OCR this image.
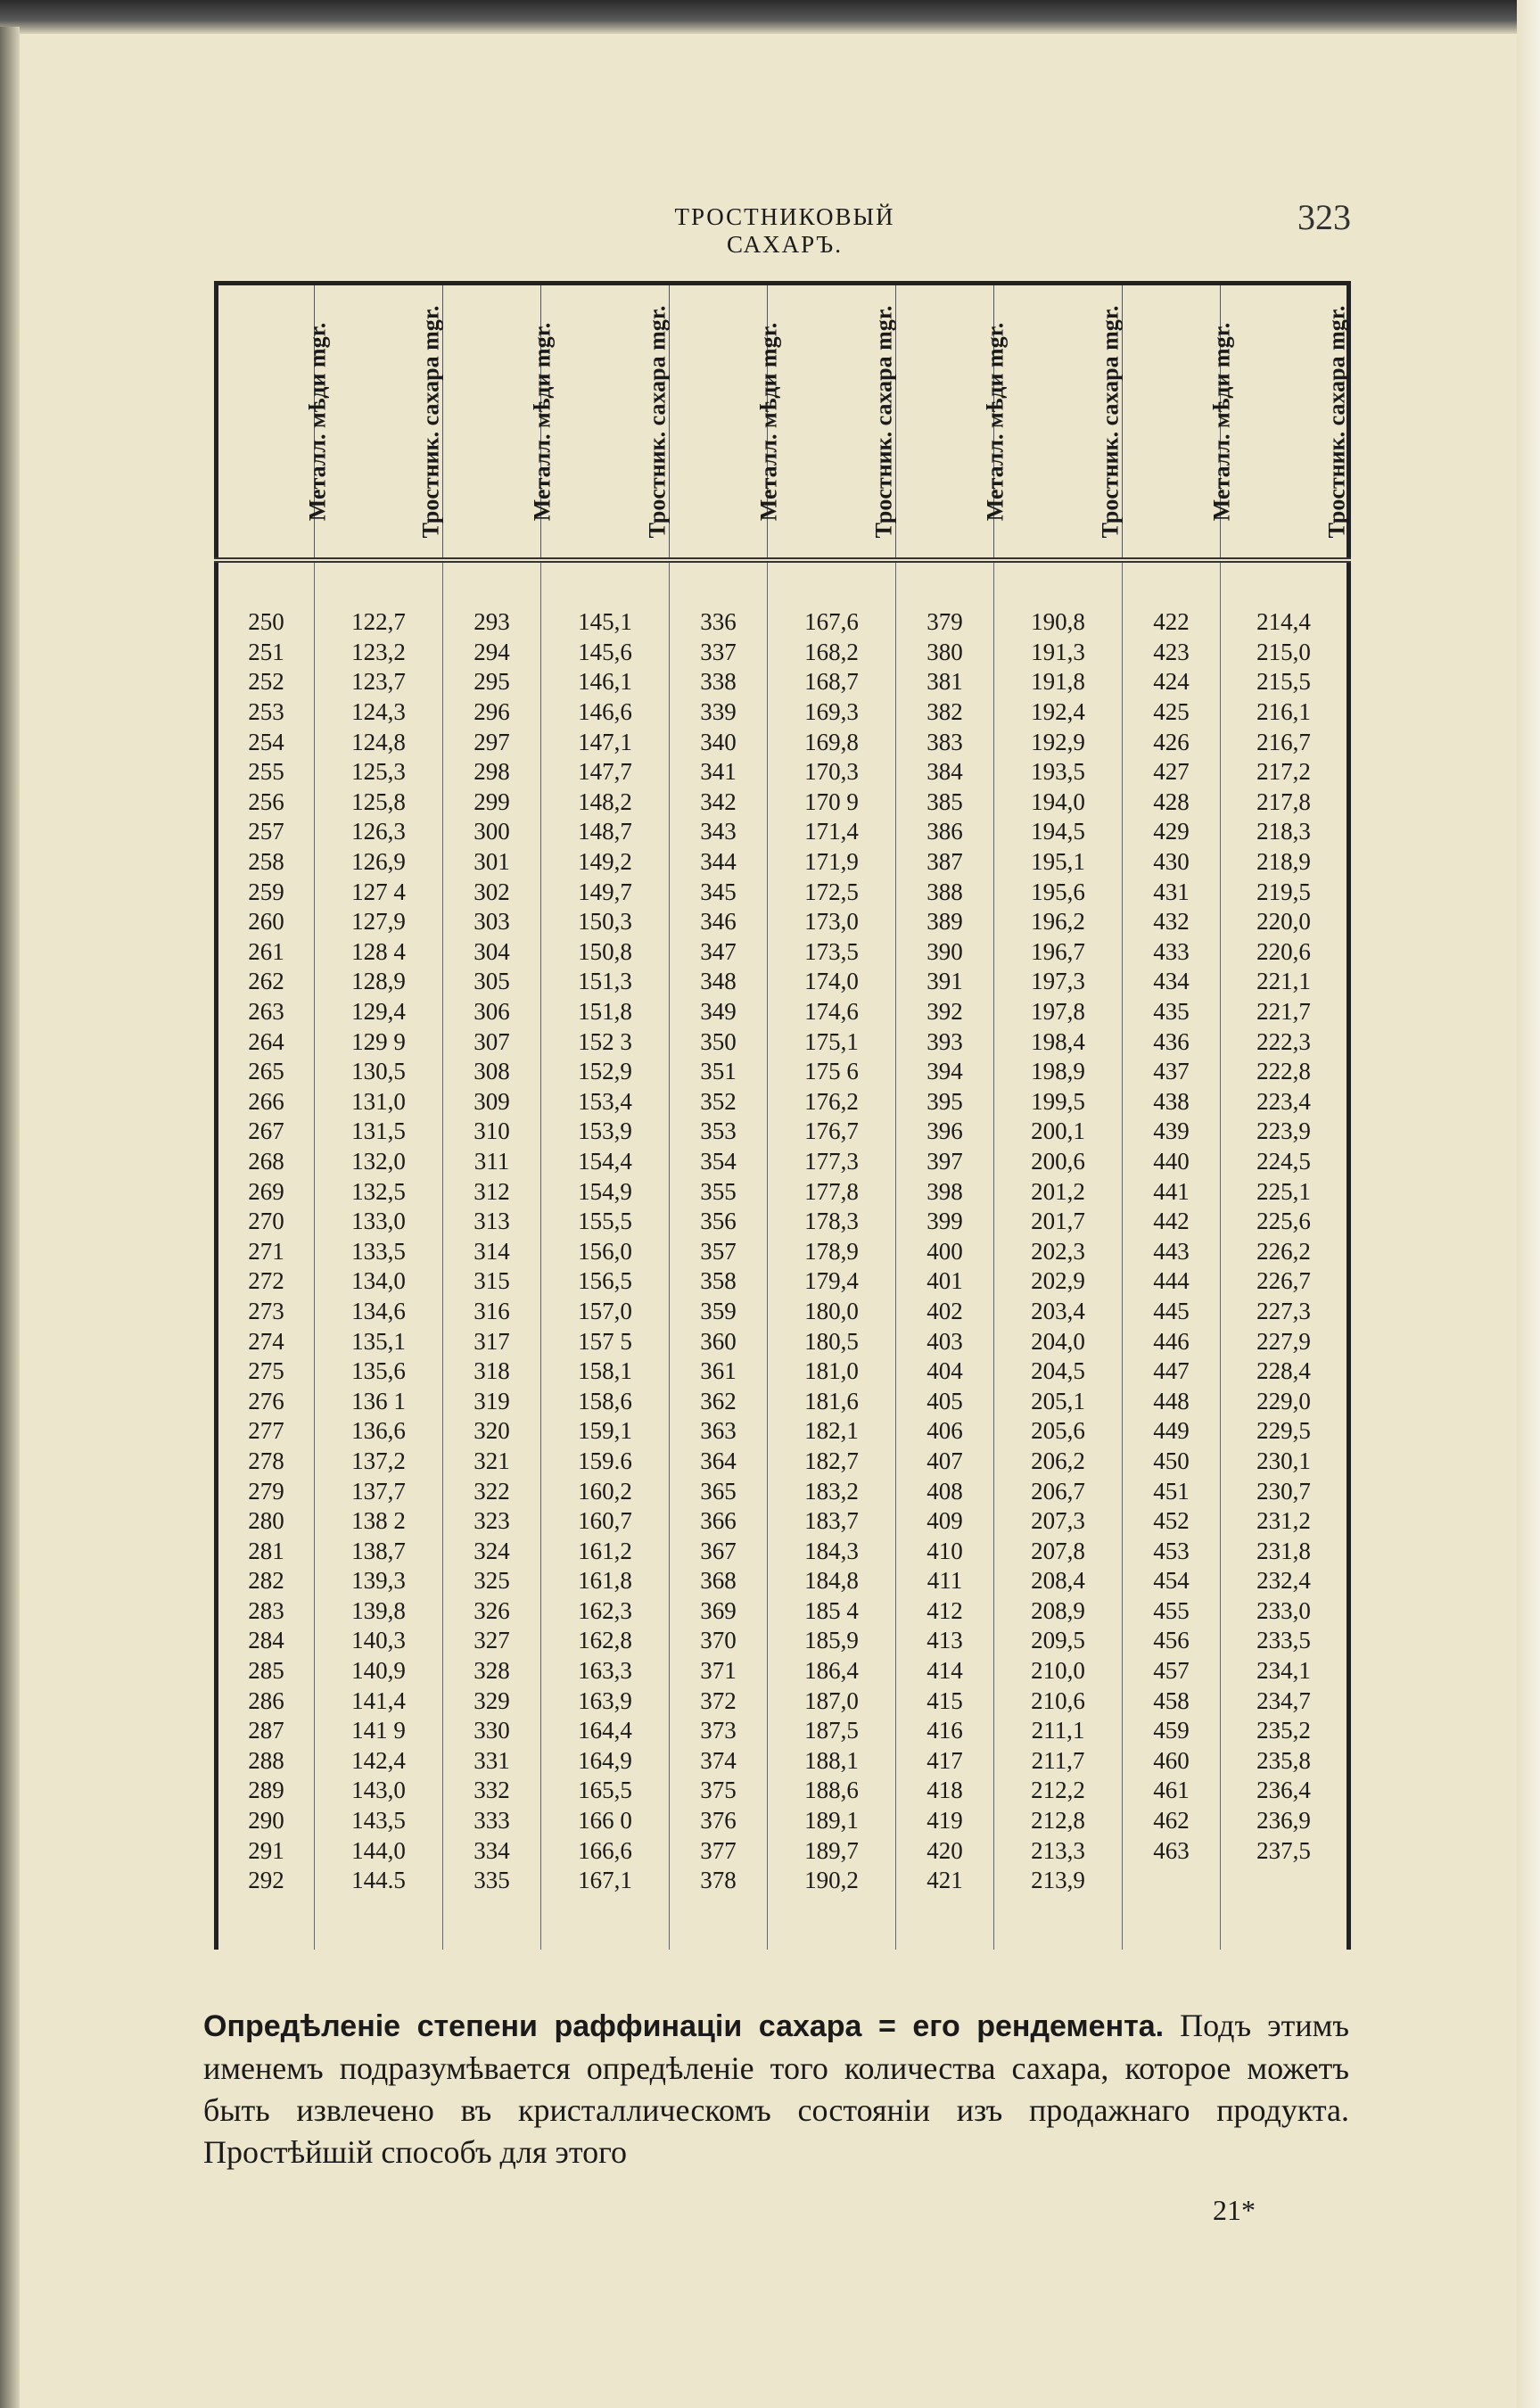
ТРОСТНИКОВЫЙ САХАРЪ.
323
Металл. мѣди mgr.	Тростник. сахара mgr.	Металл. мѣди mgr.	Тростник. сахара mgr.	Металл. мѣди mgr.	Тростник. сахара mgr.	Металл. мѣди mgr.	Тростник. сахара mgr.	Металл. мѣди mgr.	Тростник. сахара mgr.
250	122,7	293	145,1	336	167,6	379	190,8	422	214,4
251	123,2	294	145,6	337	168,2	380	191,3	423	215,0
252	123,7	295	146,1	338	168,7	381	191,8	424	215,5
253	124,3	296	146,6	339	169,3	382	192,4	425	216,1
254	124,8	297	147,1	340	169,8	383	192,9	426	216,7
255	125,3	298	147,7	341	170,3	384	193,5	427	217,2
256	125,8	299	148,2	342	170 9	385	194,0	428	217,8
257	126,3	300	148,7	343	171,4	386	194,5	429	218,3
258	126,9	301	149,2	344	171,9	387	195,1	430	218,9
259	127 4	302	149,7	345	172,5	388	195,6	431	219,5
260	127,9	303	150,3	346	173,0	389	196,2	432	220,0
261	128 4	304	150,8	347	173,5	390	196,7	433	220,6
262	128,9	305	151,3	348	174,0	391	197,3	434	221,1
263	129,4	306	151,8	349	174,6	392	197,8	435	221,7
264	129 9	307	152 3	350	175,1	393	198,4	436	222,3
265	130,5	308	152,9	351	175 6	394	198,9	437	222,8
266	131,0	309	153,4	352	176,2	395	199,5	438	223,4
267	131,5	310	153,9	353	176,7	396	200,1	439	223,9
268	132,0	311	154,4	354	177,3	397	200,6	440	224,5
269	132,5	312	154,9	355	177,8	398	201,2	441	225,1
270	133,0	313	155,5	356	178,3	399	201,7	442	225,6
271	133,5	314	156,0	357	178,9	400	202,3	443	226,2
272	134,0	315	156,5	358	179,4	401	202,9	444	226,7
273	134,6	316	157,0	359	180,0	402	203,4	445	227,3
274	135,1	317	157 5	360	180,5	403	204,0	446	227,9
275	135,6	318	158,1	361	181,0	404	204,5	447	228,4
276	136 1	319	158,6	362	181,6	405	205,1	448	229,0
277	136,6	320	159,1	363	182,1	406	205,6	449	229,5
278	137,2	321	159.6	364	182,7	407	206,2	450	230,1
279	137,7	322	160,2	365	183,2	408	206,7	451	230,7
280	138 2	323	160,7	366	183,7	409	207,3	452	231,2
281	138,7	324	161,2	367	184,3	410	207,8	453	231,8
282	139,3	325	161,8	368	184,8	411	208,4	454	232,4
283	139,8	326	162,3	369	185 4	412	208,9	455	233,0
284	140,3	327	162,8	370	185,9	413	209,5	456	233,5
285	140,9	328	163,3	371	186,4	414	210,0	457	234,1
286	141,4	329	163,9	372	187,0	415	210,6	458	234,7
287	141 9	330	164,4	373	187,5	416	211,1	459	235,2
288	142,4	331	164,9	374	188,1	417	211,7	460	235,8
289	143,0	332	165,5	375	188,6	418	212,2	461	236,4
290	143,5	333	166 0	376	189,1	419	212,8	462	236,9
291	144,0	334	166,6	377	189,7	420	213,3	463	237,5
292	144.5	335	167,1	378	190,2	421	213,9		

Опредѣленіе степени раффинаціи сахара = его рендемента. Подъ этимъ именемъ подразумѣвается опредѣленіе того количества сахара, которое можетъ быть извлечено въ кристаллическомъ состояніи изъ продажнаго продукта. Простѣйшій способъ для этого

21*
